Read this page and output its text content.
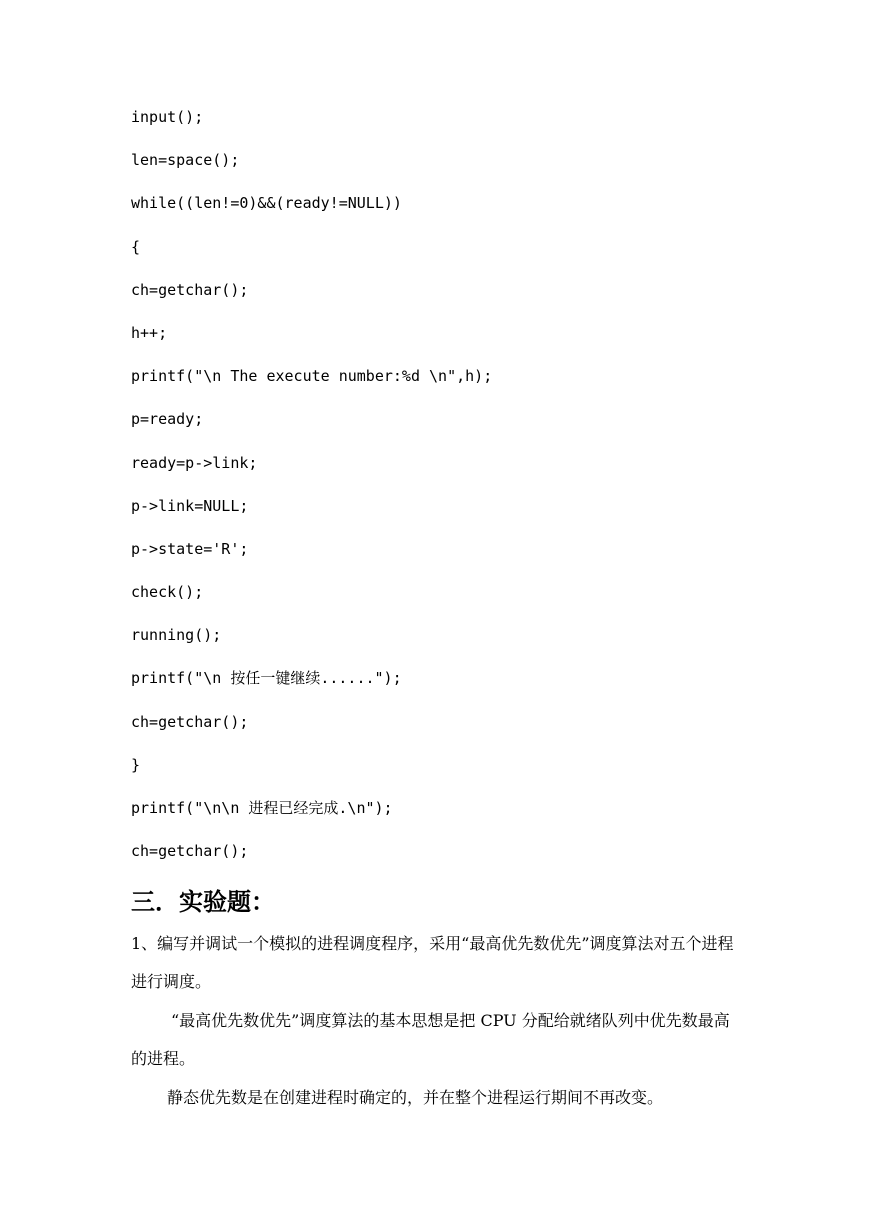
input();
len=space();
while((len!=0)&&(ready!=NULL))
{
ch=getchar();
h++;
printf("\n The execute number:%d \n",h);
p=ready;
ready=p->link;
p->link=NULL;
p->state='R';
check();
running();
printf("\n 按任一键继续......");
ch=getchar();
}
printf("\n\n 进程已经完成.\n");
ch=getchar();
三．实验题：
1、编写并调试一个模拟的进程调度程序，采用“最高优先数优先”调度算法对五个进程进行调度。
“最高优先数优先”调度算法的基本思想是把 CPU 分配给就绪队列中优先数最高的进程。
静态优先数是在创建进程时确定的，并在整个进程运行期间不再改变。
